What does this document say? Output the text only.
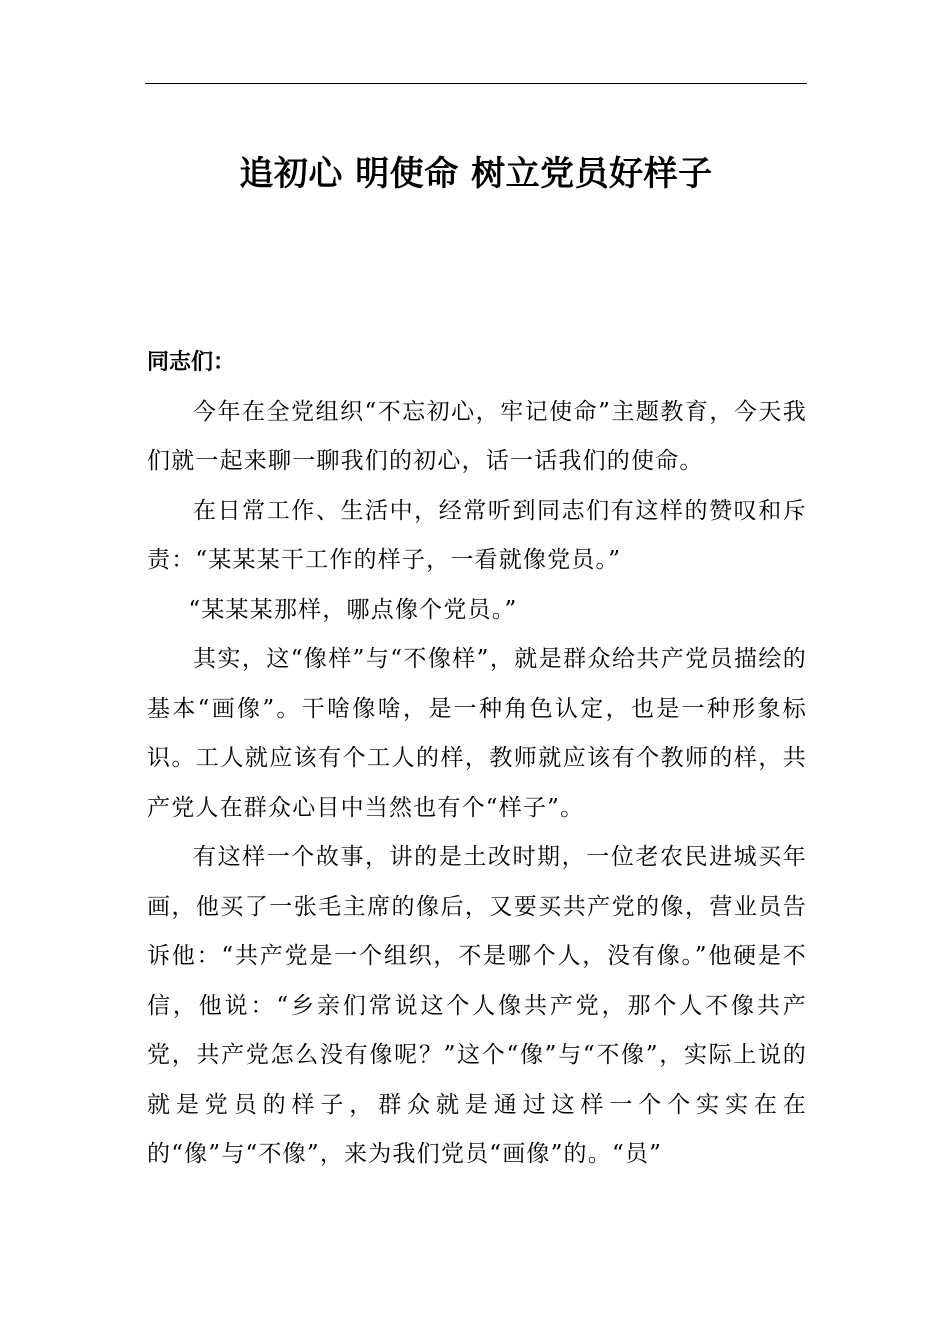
追初心 明使命 树立党员好样子

同志们：

今年在全党组织“不忘初心，牢记使命”主题教育，今天我们就一起来聊一聊我们的初心，话一话我们的使命。

在日常工作、生活中，经常听到同志们有这样的赞叹和斥责：“某某某干工作的样子，一看就像党员。”

“某某某那样，哪点像个党员。”

其实，这“像样”与“不像样”，就是群众给共产党员描绘的基本“画像”。干啥像啥，是一种角色认定，也是一种形象标识。工人就应该有个工人的样，教师就应该有个教师的样，共产党人在群众心目中当然也有个“样子”。

有这样一个故事，讲的是土改时期，一位老农民进城买年画，他买了一张毛主席的像后，又要买共产党的像，营业员告诉他：“共产党是一个组织，不是哪个人，没有像。”他硬是不信，他说：“乡亲们常说这个人像共产党，那个人不像共产党，共产党怎么没有像呢？”这个“像”与“不像”，实际上说的就是党员的样子，群众就是通过这样一个个实实在在的“像”与“不像”，来为我们党员“画像”的。“员”
